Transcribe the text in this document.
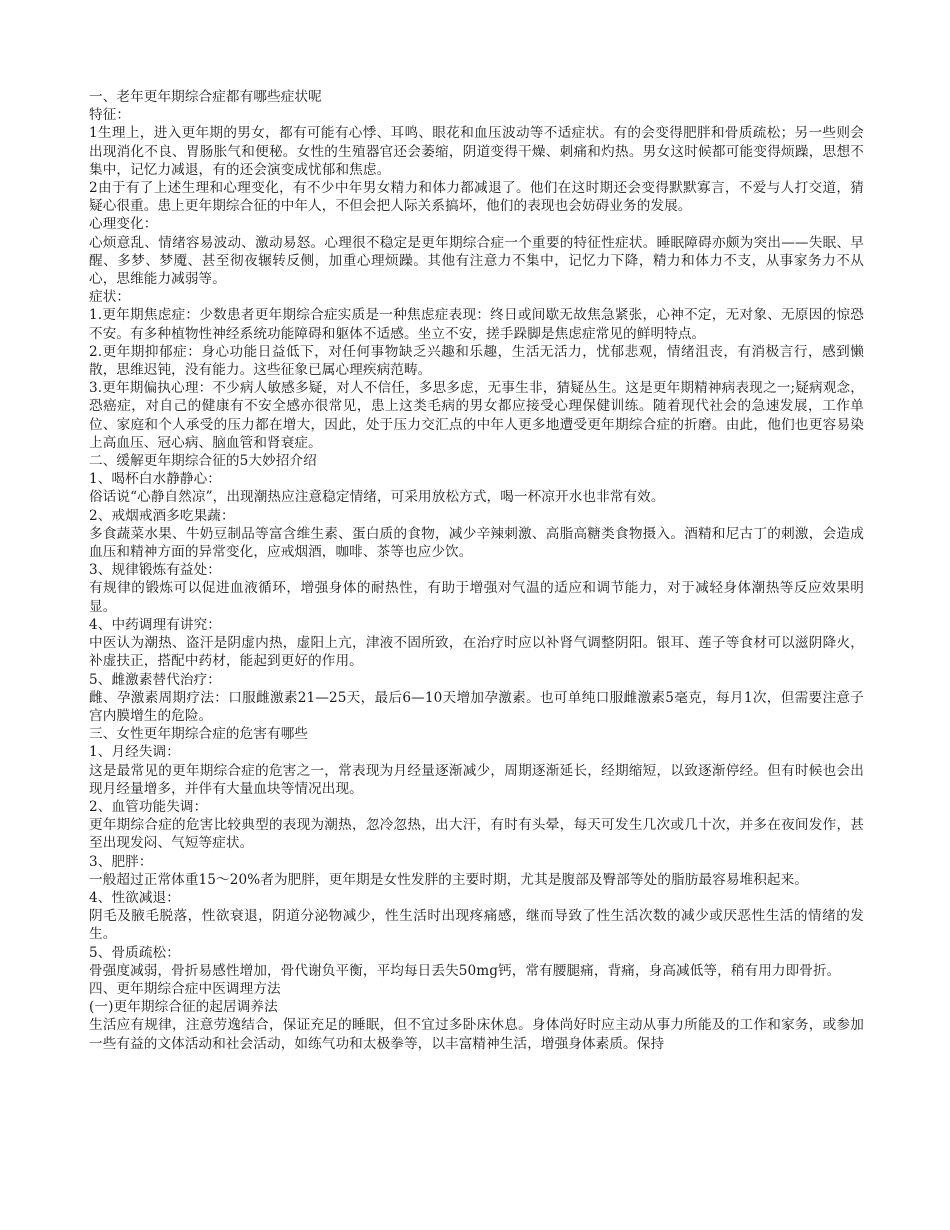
一、老年更年期综合症都有哪些症状呢
特征：
1生理上，进入更年期的男女，都有可能有心悸、耳鸣、眼花和血压波动等不适症状。有的会变得肥胖和骨质疏松；另一些则会出现消化不良、胃肠胀气和便秘。女性的生殖器官还会萎缩，阴道变得干燥、刺痛和灼热。男女这时候都可能变得烦躁，思想不集中，记忆力减退，有的还会演变成忧郁和焦虑。
2由于有了上述生理和心理变化，有不少中年男女精力和体力都减退了。他们在这时期还会变得默默寡言，不爱与人打交道，猜疑心很重。患上更年期综合征的中年人，不但会把人际关系搞坏，他们的表现也会妨碍业务的发展。
心理变化：
心烦意乱、情绪容易波动、激动易怒。心理很不稳定是更年期综合症一个重要的特征性症状。睡眠障碍亦颇为突出——失眠、早醒、多梦、梦魇、甚至彻夜辗转反侧，加重心理烦躁。其他有注意力不集中，记忆力下降，精力和体力不支，从事家务力不从心，思维能力减弱等。
症状：
1.更年期焦虑症：少数患者更年期综合症实质是一种焦虑症表现：终日或间歇无故焦急紧张，心神不定，无对象、无原因的惊恐不安。有多种植物性神经系统功能障碍和躯体不适感。坐立不安，搓手跺脚是焦虑症常见的鲜明特点。
2.更年期抑郁症：身心功能日益低下，对任何事物缺乏兴趣和乐趣，生活无活力，忧郁悲观，情绪沮丧，有消极言行，感到懒散，思维迟钝，没有能力。这些征象已属心理疾病范畴。
3.更年期偏执心理：不少病人敏感多疑，对人不信任，多思多虑，无事生非，猜疑丛生。这是更年期精神病表现之一;疑病观念，恐癌症，对自己的健康有不安全感亦很常见，患上这类毛病的男女都应接受心理保健训练。随着现代社会的急速发展，工作单位、家庭和个人承受的压力都在增大，因此，处于压力交汇点的中年人更多地遭受更年期综合症的折磨。由此，他们也更容易染上高血压、冠心病、脑血管和肾衰症。
二、缓解更年期综合征的5大妙招介绍
1、喝杯白水静静心：
俗话说“心静自然凉”，出现潮热应注意稳定情绪，可采用放松方式，喝一杯凉开水也非常有效。
2、戒烟戒酒多吃果蔬：
多食蔬菜水果、牛奶豆制品等富含维生素、蛋白质的食物，减少辛辣刺激、高脂高糖类食物摄入。酒精和尼古丁的刺激，会造成血压和精神方面的异常变化，应戒烟酒，咖啡、茶等也应少饮。
3、规律锻炼有益处：
有规律的锻炼可以促进血液循环，增强身体的耐热性，有助于增强对气温的适应和调节能力，对于减轻身体潮热等反应效果明显。
4、中药调理有讲究：
中医认为潮热、盗汗是阴虚内热，虚阳上亢，津液不固所致，在治疗时应以补肾气调整阴阳。银耳、莲子等食材可以滋阴降火，补虚扶正，搭配中药材，能起到更好的作用。
5、雌激素替代治疗：
雌、孕激素周期疗法：口服雌激素21—25天，最后6—10天增加孕激素。也可单纯口服雌激素5毫克，每月1次，但需要注意子宫内膜增生的危险。
三、女性更年期综合症的危害有哪些
1、月经失调：
这是最常见的更年期综合症的危害之一，常表现为月经量逐渐减少，周期逐渐延长，经期缩短，以致逐渐停经。但有时候也会出现月经量增多，并伴有大量血块等情况出现。
2、血管功能失调：
更年期综合症的危害比较典型的表现为潮热，忽冷忽热，出大汗，有时有头晕，每天可发生几次或几十次，并多在夜间发作，甚至出现发闷、气短等症状。
3、肥胖：
一般超过正常体重15～20%者为肥胖，更年期是女性发胖的主要时期，尤其是腹部及臀部等处的脂肪最容易堆积起来。
4、性欲减退：
阴毛及腋毛脱落，性欲衰退，阴道分泌物减少，性生活时出现疼痛感，继而导致了性生活次数的减少或厌恶性生活的情绪的发生。
5、骨质疏松：
骨强度减弱，骨折易感性增加，骨代谢负平衡，平均每日丢失50mg钙，常有腰腿痛，背痛，身高减低等，稍有用力即骨折。
四、更年期综合症中医调理方法
(一)更年期综合征的起居调养法
生活应有规律，注意劳逸结合，保证充足的睡眠，但不宜过多卧床休息。身体尚好时应主动从事力所能及的工作和家务，或参加一些有益的文体活动和社会活动，如练气功和太极拳等，以丰富精神生活，增强身体素质。保持
